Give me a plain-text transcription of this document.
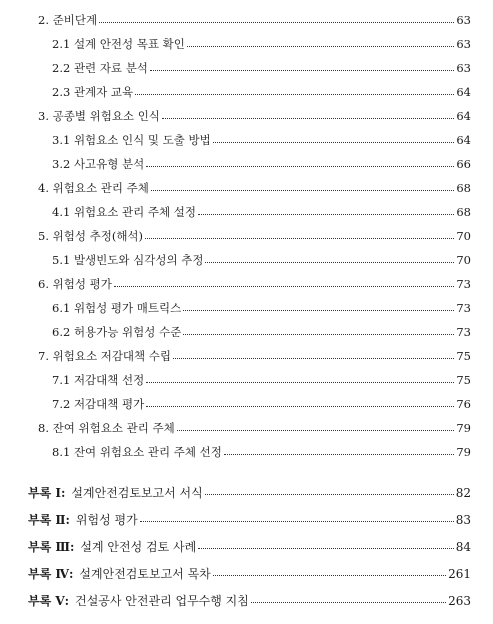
2. 준비단계	63
2.1 설계 안전성 목표 확인	63
2.2 관련 자료 분석	63
2.3 관계자 교육	64
3. 공종별 위험요소 인식	64
3.1 위험요소 인식 및 도출 방법	64
3.2 사고유형 분석	66
4. 위험요소 관리 주체	68
4.1 위험요소 관리 주체 설정	68
5. 위험성 추정(해석)	70
5.1 발생빈도와 심각성의 추정	70
6. 위험성 평가	73
6.1 위험성 평가 매트릭스	73
6.2 허용가능 위험성 수준	73
7. 위험요소 저감대책 수립	75
7.1 저감대책 선정	75
7.2 저감대책 평가	76
8. 잔여 위험요소 관리 주체	79
8.1 잔여 위험요소 관리 주체 선정	79
부록 Ⅰ: 설계안전검토보고서 서식	82
부록 Ⅱ: 위험성 평가	83
부록 Ⅲ: 설계 안전성 검토 사례	84
부록 Ⅳ: 설계안전검토보고서 목차	261
부록 Ⅴ: 건설공사 안전관리 업무수행 지침	263
